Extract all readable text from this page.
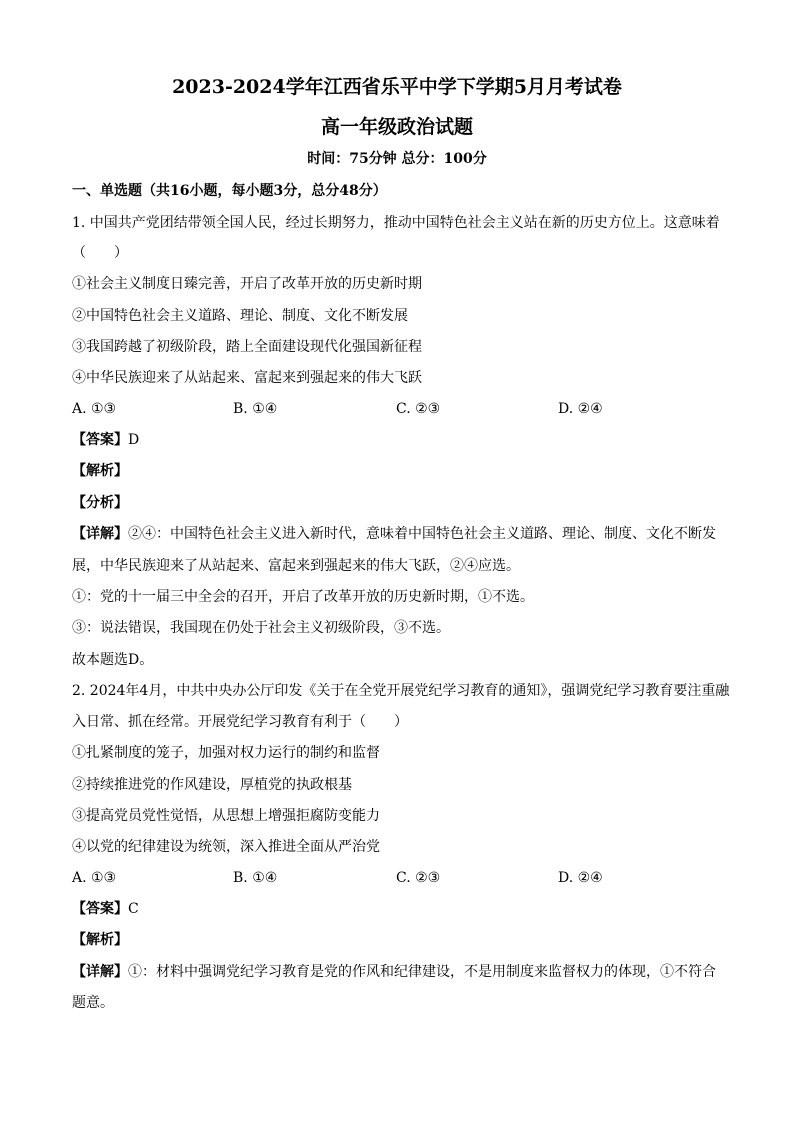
2023-2024学年江西省乐平中学下学期5月月考试卷
高一年级政治试题
时间：75分钟 总分：100分
一、单选题（共16小题，每小题3分，总分48分）
1. 中国共产党团结带领全国人民，经过长期努力，推动中国特色社会主义站在新的历史方位上。这意味着
（　　）
①社会主义制度日臻完善，开启了改革开放的历史新时期
②中国特色社会主义道路、理论、制度、文化不断发展
③我国跨越了初级阶段，踏上全面建设现代化强国新征程
④中华民族迎来了从站起来、富起来到强起来的伟大飞跃
A. ①③	B. ①④	C. ②③	D. ②④
【答案】D
【解析】
【分析】
【详解】②④：中国特色社会主义进入新时代，意味着中国特色社会主义道路、理论、制度、文化不断发
展，中华民族迎来了从站起来、富起来到强起来的伟大飞跃，②④应选。
①：党的十一届三中全会的召开，开启了改革开放的历史新时期，①不选。
③：说法错误，我国现在仍处于社会主义初级阶段，③不选。
故本题选D。
2. 2024年4月，中共中央办公厅印发《关于在全党开展党纪学习教育的通知》，强调党纪学习教育要注重融
入日常、抓在经常。开展党纪学习教育有利于（　　）
①扎紧制度的笼子，加强对权力运行的制约和监督
②持续推进党的作风建设，厚植党的执政根基
③提高党员党性觉悟，从思想上增强拒腐防变能力
④以党的纪律建设为统领，深入推进全面从严治党
A. ①③	B. ①④	C. ②③	D. ②④
【答案】C
【解析】
【详解】①：材料中强调党纪学习教育是党的作风和纪律建设，不是用制度来监督权力的体现，①不符合
题意。
